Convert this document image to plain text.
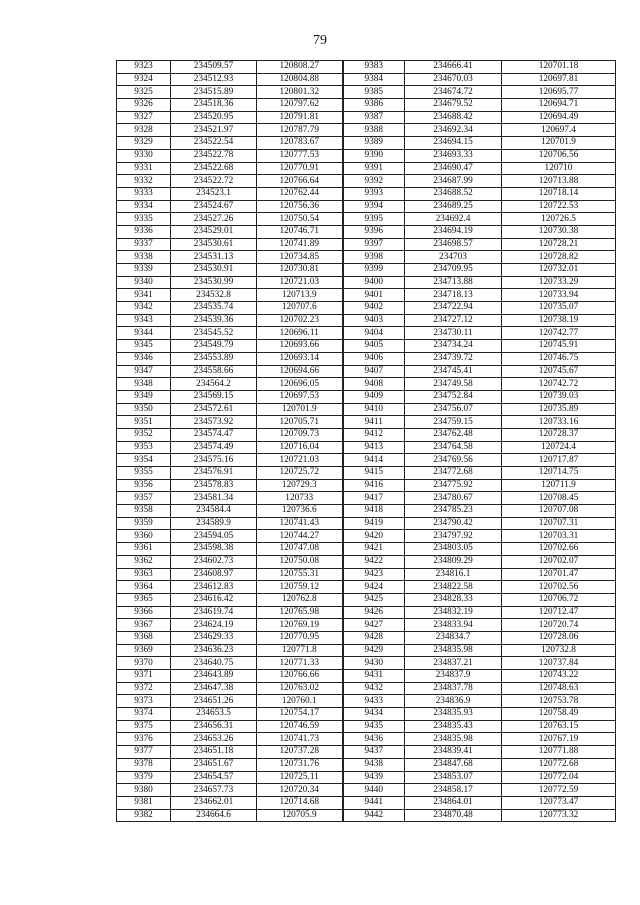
79
9323	234509.57	120808.27	9383	234666.41	120701.18
9324	234512.93	120804.88	9384	234670.03	120697.81
9325	234515.89	120801.32	9385	234674.72	120695.77
9326	234518.36	120797.62	9386	234679.52	120694.71
9327	234520.95	120791.81	9387	234688.42	120694.49
9328	234521.97	120787.79	9388	234692.34	120697.4
9329	234522.54	120783.67	9389	234694.15	120701.9
9330	234522.78	120777.53	9390	234693.33	120706.56
9331	234522.68	120770.91	9391	234690.47	120710
9332	234522.72	120766.64	9392	234687.99	120713.88
9333	234523.1	120762.44	9393	234688.52	120718.14
9334	234524.67	120756.36	9394	234689.25	120722.53
9335	234527.26	120750.54	9395	234692.4	120726.5
9336	234529.01	120746.71	9396	234694.19	120730.38
9337	234530.61	120741.89	9397	234698.57	120728.21
9338	234531.13	120734.85	9398	234703	120728.82
9339	234530.91	120730.81	9399	234709.95	120732.01
9340	234530.99	120721.03	9400	234713.88	120733.29
9341	234532.8	120713.9	9401	234718.13	120733.94
9342	234535.74	120707.6	9402	234722.94	120735.07
9343	234539.36	120702.23	9403	234727.12	120738.19
9344	234545.52	120696.11	9404	234730.11	120742.77
9345	234549.79	120693.66	9405	234734.24	120745.91
9346	234553.89	120693.14	9406	234739.72	120746.75
9347	234558.66	120694.66	9407	234745.41	120745.67
9348	234564.2	120696.05	9408	234749.58	120742.72
9349	234569.15	120697.53	9409	234752.84	120739.03
9350	234572.61	120701.9	9410	234756.07	120735.89
9351	234573.92	120705.71	9411	234759.15	120733.16
9352	234574.47	120709.73	9412	234762.48	120728.37
9353	234574.49	120716.04	9413	234764.58	120724.4
9354	234575.16	120721.03	9414	234769.56	120717.87
9355	234576.91	120725.72	9415	234772.68	120714.75
9356	234578.83	120729.3	9416	234775.92	120711.9
9357	234581.34	120733	9417	234780.67	120708.45
9358	234584.4	120736.6	9418	234785.23	120707.08
9359	234589.9	120741.43	9419	234790.42	120707.31
9360	234594.05	120744.27	9420	234797.92	120703.31
9361	234598.38	120747.08	9421	234803.05	120702.66
9362	234602.73	120750.08	9422	234809.29	120702.07
9363	234608.97	120755.31	9423	234816.1	120701.47
9364	234612.83	120759.12	9424	234822.58	120702.56
9365	234616.42	120762.8	9425	234828.33	120706.72
9366	234619.74	120765.98	9426	234832.19	120712.47
9367	234624.19	120769.19	9427	234833.94	120720.74
9368	234629.33	120770.95	9428	234834.7	120728.06
9369	234636.23	120771.8	9429	234835.98	120732.8
9370	234640.75	120771.33	9430	234837.21	120737.84
9371	234643.89	120766.66	9431	234837.9	120743.22
9372	234647.38	120763.02	9432	234837.78	120748.63
9373	234651.26	120760.1	9433	234836.9	120753.78
9374	234653.5	120754.17	9434	234835.93	120758.49
9375	234656.31	120746.59	9435	234835.43	120763.15
9376	234653.26	120741.73	9436	234835.98	120767.19
9377	234651.18	120737.28	9437	234839.41	120771.88
9378	234651.67	120731.76	9438	234847.68	120772.68
9379	234654.57	120725.11	9439	234853.07	120772.04
9380	234657.73	120720.34	9440	234858.17	120772.59
9381	234662.01	120714.68	9441	234864.01	120773.47
9382	234664.6	120705.9	9442	234870.48	120773.32
